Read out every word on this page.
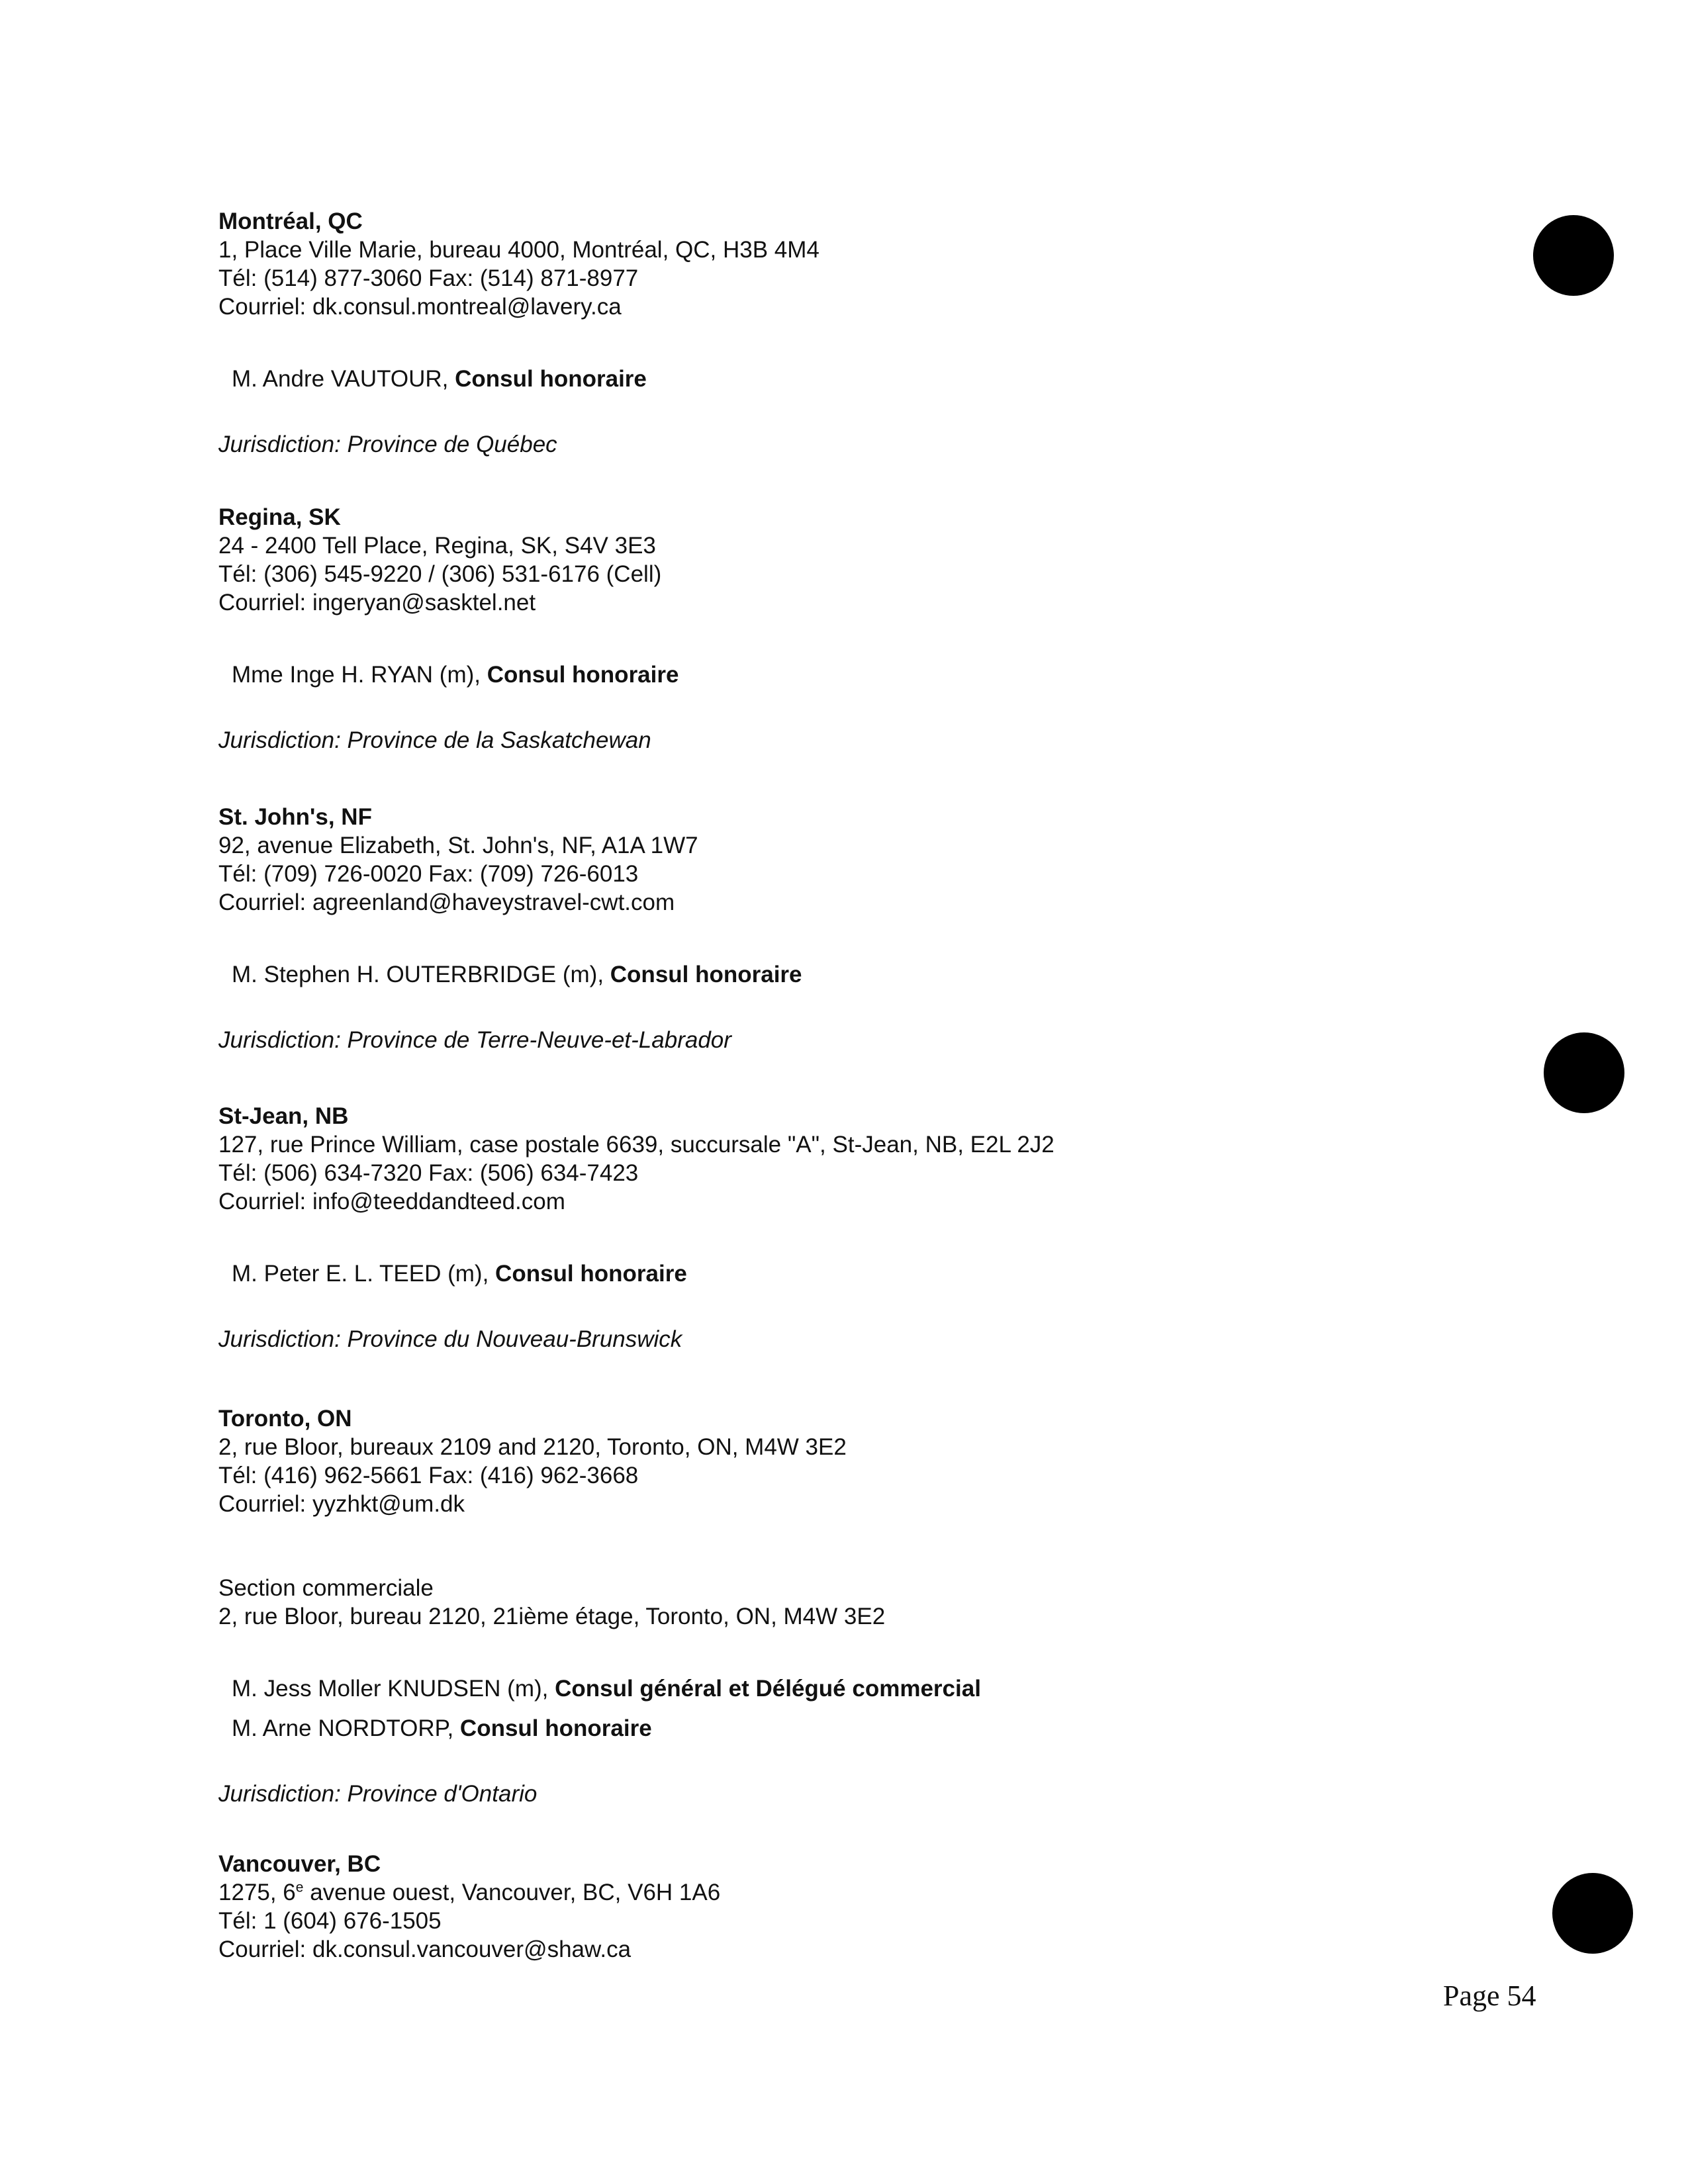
Montréal, QC
1, Place Ville Marie, bureau 4000, Montréal, QC, H3B 4M4
Tél: (514) 877-3060 Fax: (514) 871-8977
Courriel: dk.consul.montreal@lavery.ca
M. Andre VAUTOUR, Consul honoraire
Jurisdiction: Province de Québec
Regina, SK
24 - 2400 Tell Place, Regina, SK, S4V 3E3
Tél: (306) 545-9220 / (306) 531-6176 (Cell)
Courriel: ingeryan@sasktel.net
Mme Inge H. RYAN (m), Consul honoraire
Jurisdiction: Province de la Saskatchewan
St. John's, NF
92, avenue Elizabeth, St. John's, NF, A1A 1W7
Tél: (709) 726-0020 Fax: (709) 726-6013
Courriel: agreenland@haveystravel-cwt.com
M. Stephen H. OUTERBRIDGE (m), Consul honoraire
Jurisdiction: Province de Terre-Neuve-et-Labrador
St-Jean, NB
127, rue Prince William, case postale 6639, succursale "A", St-Jean, NB, E2L 2J2
Tél: (506) 634-7320 Fax: (506) 634-7423
Courriel: info@teeddandteed.com
M. Peter E. L. TEED (m), Consul honoraire
Jurisdiction: Province du Nouveau-Brunswick
Toronto, ON
2, rue Bloor, bureaux 2109 and 2120, Toronto, ON, M4W 3E2
Tél: (416) 962-5661 Fax: (416) 962-3668
Courriel: yyzhkt@um.dk
Section commerciale
2, rue Bloor, bureau 2120, 21ième étage, Toronto, ON, M4W 3E2
M. Jess Moller KNUDSEN (m), Consul général et Délégué commercial
M. Arne NORDTORP, Consul honoraire
Jurisdiction: Province d'Ontario
Vancouver, BC
1275, 6e avenue ouest, Vancouver, BC, V6H 1A6
Tél: 1 (604) 676-1505
Courriel: dk.consul.vancouver@shaw.ca
Page 54
